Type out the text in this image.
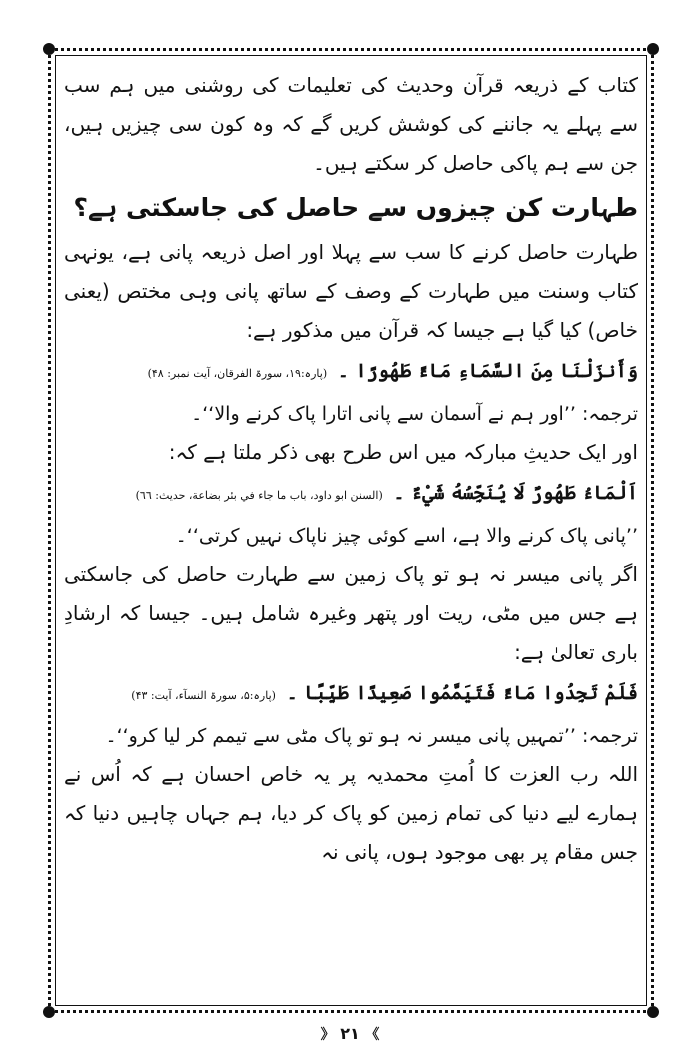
کتاب کے ذریعہ قرآن وحدیث کی تعلیمات کی روشنی میں ہم سب سے پہلے یہ جاننے کی کوشش کریں گے کہ وہ کون سی چیزیں ہیں، جن سے ہم پاکی حاصل کر سکتے ہیں۔

طہارت کن چیزوں سے حاصل کی جاسکتی ہے؟

طہارت حاصل کرنے کا سب سے پہلا اور اصل ذریعہ پانی ہے، یونہی کتاب وسنت میں طہارت کے وصف کے ساتھ پانی وہی مختص (یعنی خاص) کیا گیا ہے جیسا کہ قرآن میں مذکور ہے:

وَأَنزَلْنَا مِنَ السَّمَاءِ مَاءً طَهُورًا ۔ (پارہ:۱۹، سورۃ الفرقان، آیت نمبر: ۴۸)

ترجمہ: ’’اور ہم نے آسمان سے پانی اتارا پاک کرنے والا‘‘۔

اور ایک حدیثِ مبارکہ میں اس طرح بھی ذکر ملتا ہے کہ:

اَلْمَاءُ طَهُورٌ لَا يُنَجِّسُهُ شَيْءٌ ۔ (السنن ابو داود، باب ما جاء في بئر بضاعة، حديث: ٦٦)

’’پانی پاک کرنے والا ہے، اسے کوئی چیز ناپاک نہیں کرتی‘‘۔

اگر پانی میسر نہ ہو تو پاک زمین سے طہارت حاصل کی جاسکتی ہے جس میں مٹی، ریت اور پتھر وغیرہ شامل ہیں۔ جیسا کہ ارشادِ باری تعالیٰ ہے:

فَلَمْ تَجِدُوا مَاءً فَتَيَمَّمُوا صَعِيدًا طَيِّبًا ۔ (پارہ:۵، سورۃ النسآء، آیت: ۴۳)

ترجمہ: ’’تمہیں پانی میسر نہ ہو تو پاک مٹی سے تیمم کر لیا کرو‘‘۔

اللہ رب العزت کا اُمتِ محمدیہ پر یہ خاص احسان ہے کہ اُس نے ہمارے لیے دنیا کی تمام زمین کو پاک کر دیا، ہم جہاں چاہیں دنیا کہ جس مقام پر بھی موجود ہوں، پانی نہ

》 ۲۱ 《
